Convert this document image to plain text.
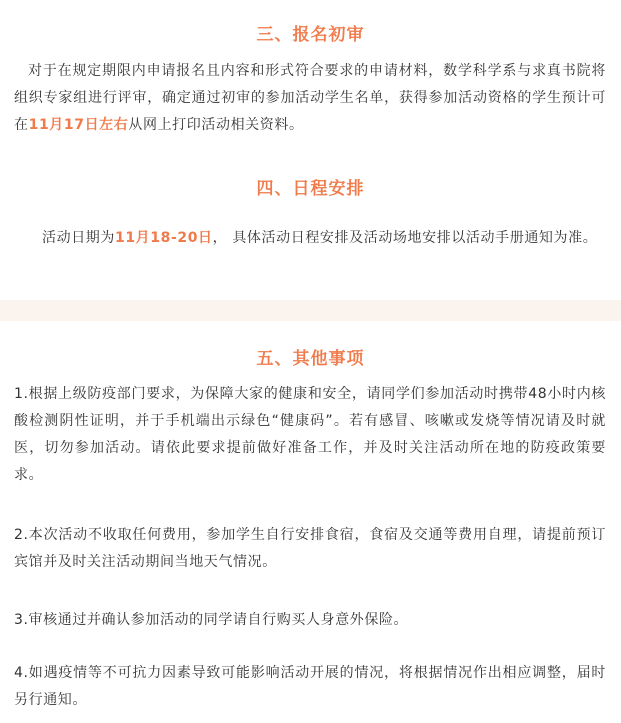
三、报名初审
对于在规定期限内申请报名且内容和形式符合要求的申请材料，数学科学系与求真书院将组织专家组进行评审，确定通过初审的参加活动学生名单，获得参加活动资格的学生预计可在11月17日左右从网上打印活动相关资料。
四、日程安排
活动日期为11月18-20日， 具体活动日程安排及活动场地安排以活动手册通知为准。
五、其他事项
1.根据上级防疫部门要求，为保障大家的健康和安全，请同学们参加活动时携带48小时内核酸检测阴性证明，并于手机端出示绿色“健康码”。若有感冒、咳嗽或发烧等情况请及时就医，切勿参加活动。请依此要求提前做好准备工作，并及时关注活动所在地的防疫政策要求。
2.本次活动不收取任何费用，参加学生自行安排食宿，食宿及交通等费用自理，请提前预订宾馆并及时关注活动期间当地天气情况。
3.审核通过并确认参加活动的同学请自行购买人身意外保险。
4.如遇疫情等不可抗力因素导致可能影响活动开展的情况，将根据情况作出相应调整，届时另行通知。
